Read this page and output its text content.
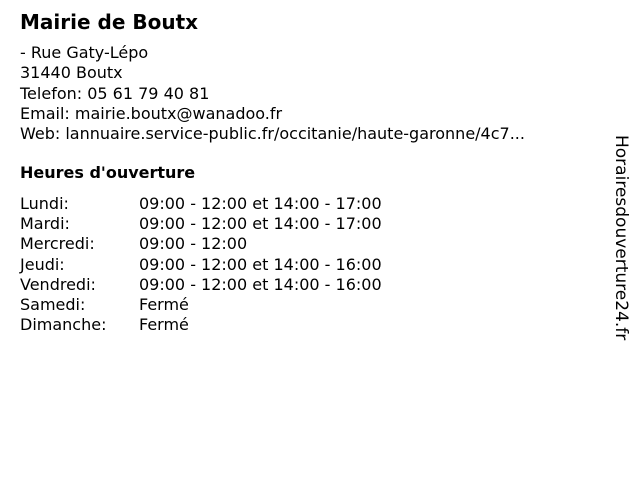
Mairie de Boutx
- Rue Gaty-Lépo
31440 Boutx
Telefon: 05 61 79 40 81
Email: mairie.boutx@wanadoo.fr
Web: lannuaire.service-public.fr/occitanie/haute-garonne/4c7...
Heures d'ouverture
Lundi:	09:00 - 12:00 et 14:00 - 17:00
Mardi:	09:00 - 12:00 et 14:00 - 17:00
Mercredi:	09:00 - 12:00
Jeudi:	09:00 - 12:00 et 14:00 - 16:00
Vendredi:	09:00 - 12:00 et 14:00 - 16:00
Samedi:	Fermé
Dimanche: Fermé	Horairesdouverture24.fr
